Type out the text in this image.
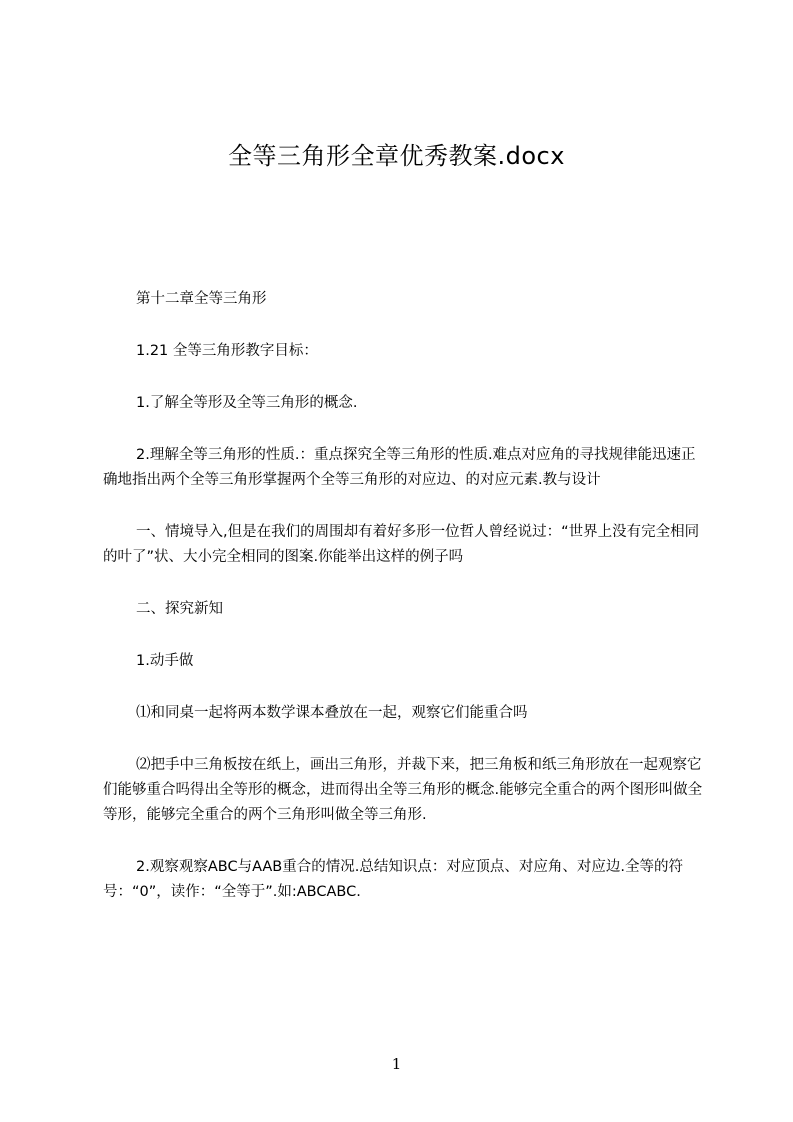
全等三角形全章优秀教案.docx

第十二章全等三角形

1.21 全等三角形教字目标：

1.了解全等形及全等三角形的概念.

2.理解全等三角形的性质.：重点探究全等三角形的性质.难点对应角的寻找规律能迅速正确地指出两个全等三角形掌握两个全等三角形的对应边、的对应元素.教与设计

一、情境导入,但是在我们的周围却有着好多形一位哲人曾经说过：“世界上没有完全相同的叶了”状、大小完全相同的图案.你能举出这样的例子吗

二、探究新知

1.动手做

⑴和同桌一起将两本数学课本叠放在一起，观察它们能重合吗

⑵把手中三角板按在纸上，画出三角形，并裁下来，把三角板和纸三角形放在一起观察它们能够重合吗得出全等形的概念，进而得出全等三角形的概念.能够完全重合的两个图形叫做全等形，能够完全重合的两个三角形叫做全等三角形.

2.观察观察ABC与AAB重合的情况.总结知识点：对应顶点、对应角、对应边.全等的符号：“0”，读作：“全等于”.如:ABCABC.

1
